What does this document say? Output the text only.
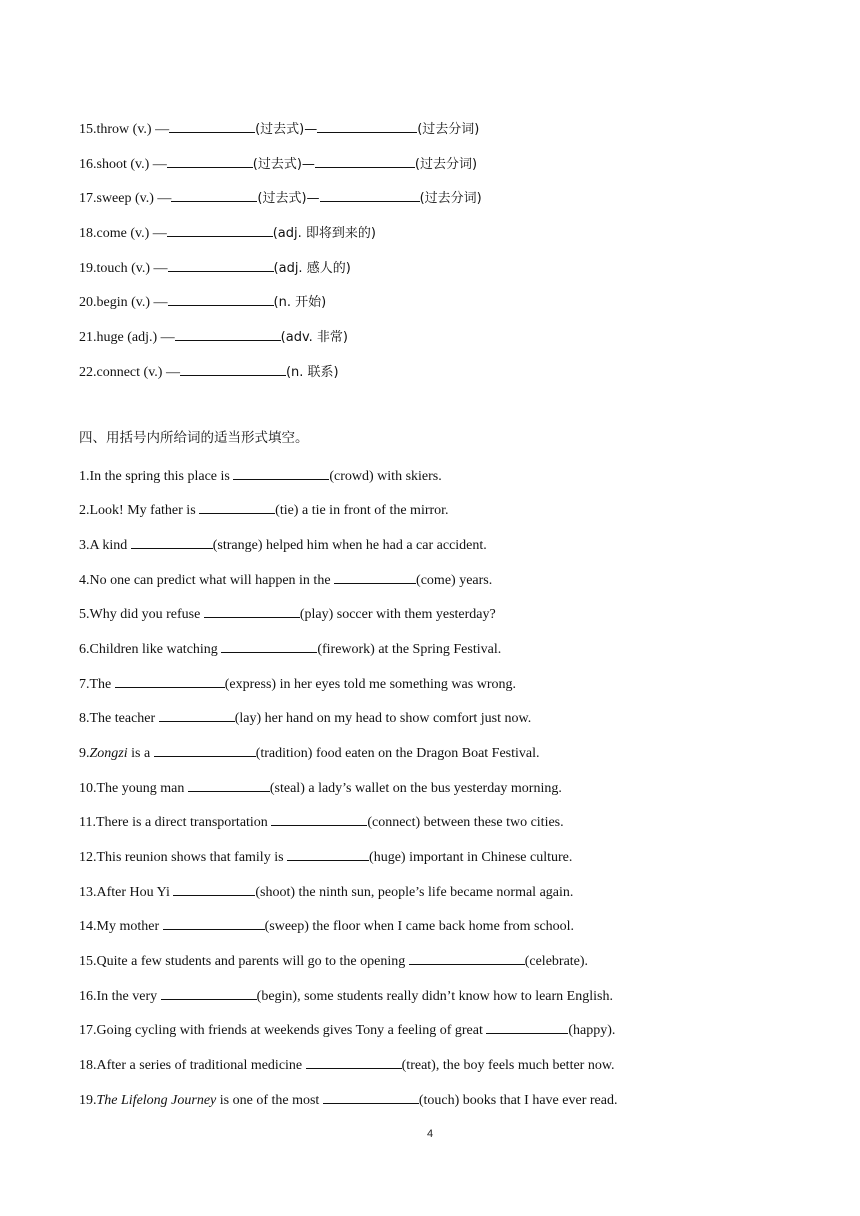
15.throw (v.) —	(过去式)—	(过去分词)
16.shoot (v.) —	(过去式)—	(过去分词)
17.sweep (v.) —	(过去式)—	(过去分词)
18.come (v.) —	(adj. 即将到来的)
19.touch (v.) —	(adj. 感人的)
20.begin (v.) —	(n. 开始)
21.huge (adj.) —	(adv. 非常)
22.connect (v.) —	(n. 联系)
四、用括号内所给词的适当形式填空。
1.In the spring this place is	(crowd) with skiers.
2.Look! My father is	(tie) a tie in front of the mirror.
3.A kind	(strange) helped him when he had a car accident.
4.No one can predict what will happen in the	(come) years.
5.Why did you refuse	(play) soccer with them yesterday?
6.Children like watching	(firework) at the Spring Festival.
7.The	(express) in her eyes told me something was wrong.
8.The teacher	(lay) her hand on my head to show comfort just now.
9.Zongzi is a	(tradition) food eaten on the Dragon Boat Festival.
10.The young man	(steal) a lady’s wallet on the bus yesterday morning.
11.There is a direct transportation	(connect) between these two cities.
12.This reunion shows that family is	(huge) important in Chinese culture.
13.After Hou Yi	(shoot) the ninth sun, people’s life became normal again.
14.My mother	(sweep) the floor when I came back home from school.
15.Quite a few students and parents will go to the opening	(celebrate).
16.In the very	(begin), some students really didn’t know how to learn English.
17.Going cycling with friends at weekends gives Tony a feeling of great	(happy).
18.After a series of traditional medicine	(treat), the boy feels much better now.
19.The Lifelong Journey is one of the most	(touch) books that I have ever read.
4
